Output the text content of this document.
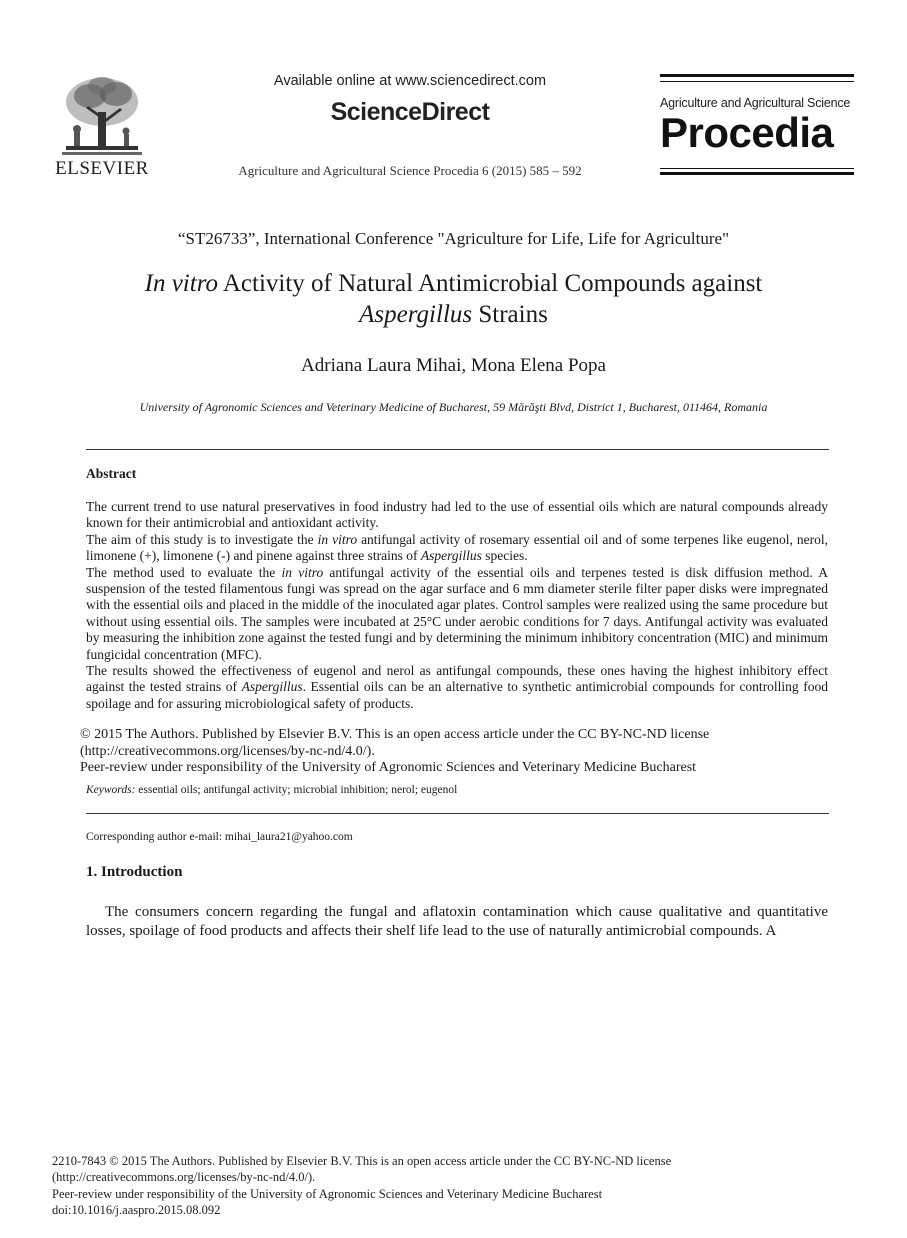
ELSEVIER
Available online at www.sciencedirect.com
ScienceDirect
Agriculture and Agricultural Science Procedia 6 (2015) 585 – 592
Agriculture and Agricultural Science
Procedia
“ST26733”, International Conference "Agriculture for Life, Life for Agriculture"
In vitro Activity of Natural Antimicrobial Compounds against
Aspergillus Strains
Adriana Laura Mihai, Mona Elena Popa
University of Agronomic Sciences and Veterinary Medicine of Bucharest, 59 Mărăşti Blvd, District 1, Bucharest, 011464, Romania
Abstract

The current trend to use natural preservatives in food industry had led to the use of essential oils which are natural compounds already known for their antimicrobial and antioxidant activity.

The aim of this study is to investigate the in vitro antifungal activity of rosemary essential oil and of some terpenes like eugenol, nerol, limonene (+), limonene (-) and pinene against three strains of Aspergillus species.

The method used to evaluate the in vitro antifungal activity of the essential oils and terpenes tested is disk diffusion method. A suspension of the tested filamentous fungi was spread on the agar surface and 6 mm diameter sterile filter paper disks were impregnated with the essential oils and placed in the middle of the inoculated agar plates. Control samples were realized using the same procedure but without using essential oils. The samples were incubated at 25°C under aerobic conditions for 7 days. Antifungal activity was evaluated by measuring the inhibition zone against the tested fungi and by determining the minimum inhibitory concentration (MIC) and minimum fungicidal concentration (MFC).

The results showed the effectiveness of eugenol and nerol as antifungal compounds, these ones having the highest inhibitory effect against the tested strains of Aspergillus. Essential oils can be an alternative to synthetic antimicrobial compounds for controlling food spoilage and for assuring microbiological safety of products.

© 2015 The Authors. Published by Elsevier B.V. This is an open access article under the CC BY-NC-ND license

(http://creativecommons.org/licenses/by-nc-nd/4.0/).

Peer-review under responsibility of the University of Agronomic Sciences and Veterinary Medicine Bucharest

Keywords: essential oils; antifungal activity; microbial inhibition; nerol; eugenol
Corresponding author e-mail: mihai_laura21@yahoo.com
1. Introduction

The consumers concern regarding the fungal and aflatoxin contamination which cause qualitative and quantitative losses, spoilage of food products and affects their shelf life lead to the use of naturally antimicrobial compounds. A

2210-7843 © 2015 The Authors. Published by Elsevier B.V. This is an open access article under the CC BY-NC-ND license

(http://creativecommons.org/licenses/by-nc-nd/4.0/).

Peer-review under responsibility of the University of Agronomic Sciences and Veterinary Medicine Bucharest

doi:10.1016/j.aaspro.2015.08.092
